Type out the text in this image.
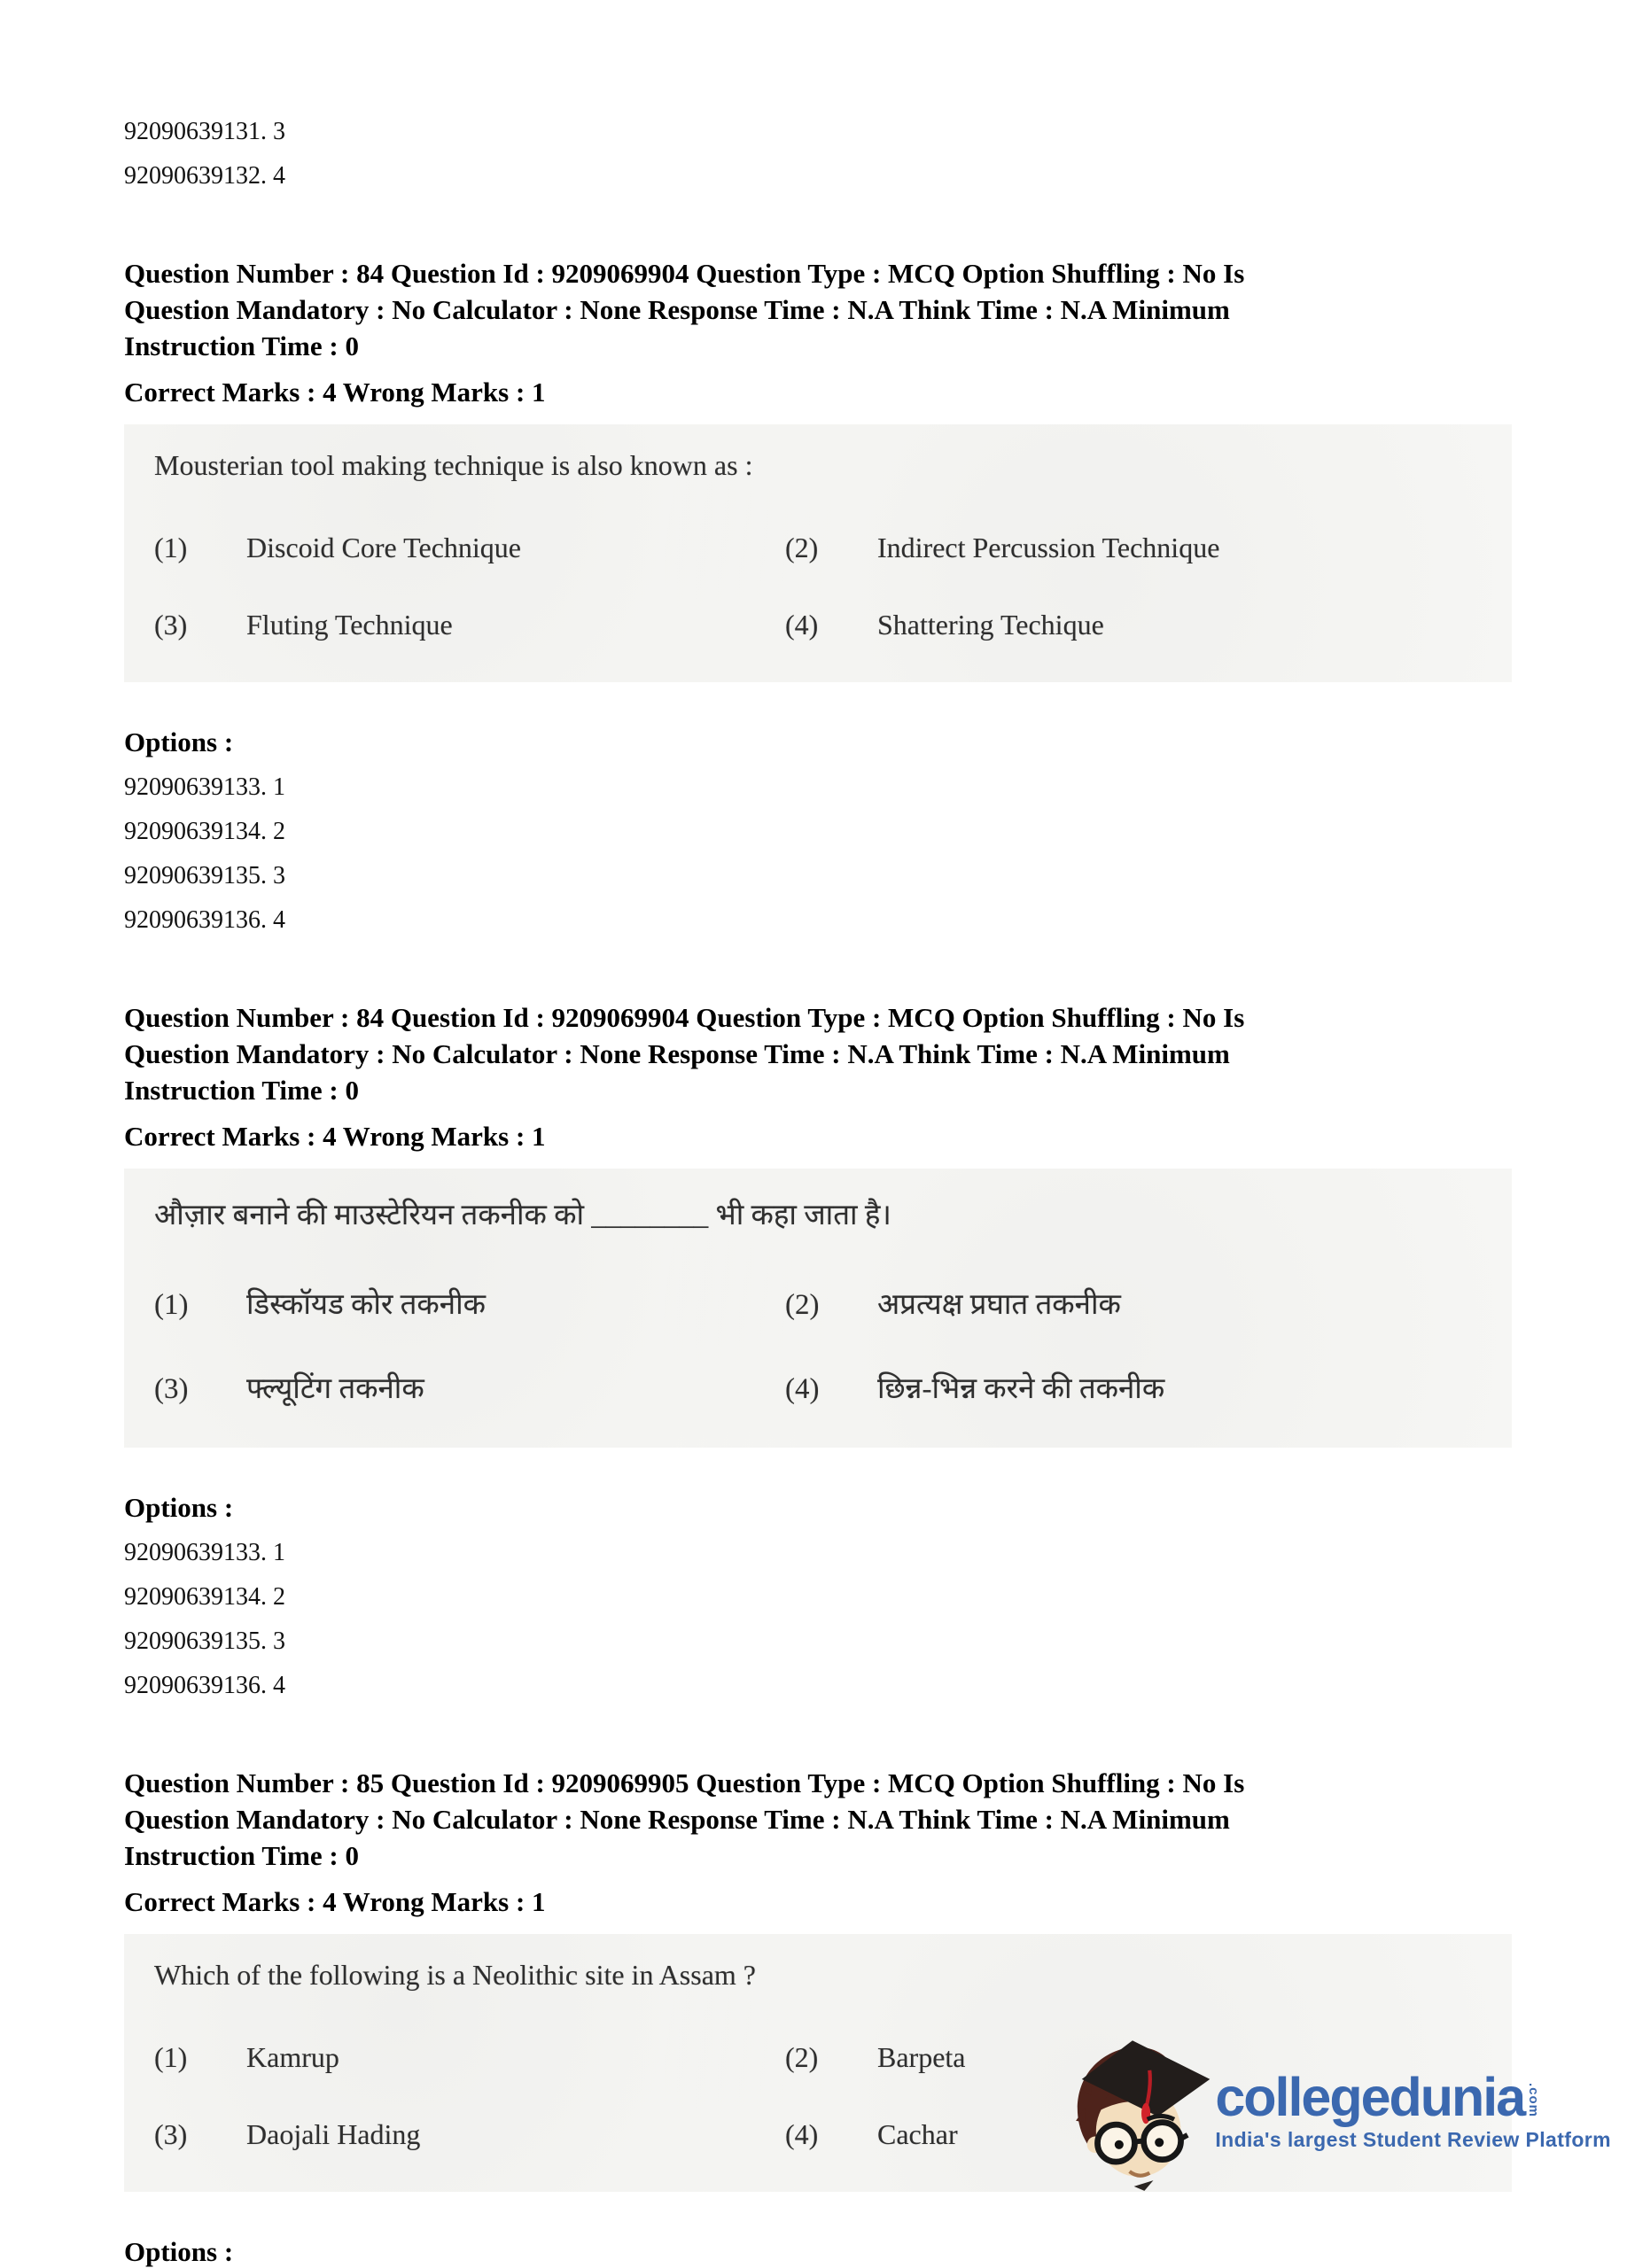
92090639131. 3
92090639132. 4
Question Number : 84 Question Id : 9209069904 Question Type : MCQ Option Shuffling : No Is
Question Mandatory : No Calculator : None Response Time : N.A Think Time : N.A Minimum
Instruction Time : 0
Correct Marks : 4 Wrong Marks : 1
Mousterian tool making technique is also known as :
(1)	Discoid Core Technique	(2)	Indirect Percussion Technique
(3)	Fluting Technique	(4)	Shattering Techique
Options :
92090639133. 1
92090639134. 2
92090639135. 3
92090639136. 4
Question Number : 84 Question Id : 9209069904 Question Type : MCQ Option Shuffling : No Is
Question Mandatory : No Calculator : None Response Time : N.A Think Time : N.A Minimum
Instruction Time : 0
Correct Marks : 4 Wrong Marks : 1
औज़ार बनाने की माउस्टेरियन तकनीक को ________ भी कहा जाता है।
(1)	डिस्कॉयड कोर तकनीक	(2)	अप्रत्यक्ष प्रघात तकनीक
(3)	फ्ल्यूटिंग तकनीक	(4)	छिन्न-भिन्न करने की तकनीक
Options :
92090639133. 1
92090639134. 2
92090639135. 3
92090639136. 4
Question Number : 85 Question Id : 9209069905 Question Type : MCQ Option Shuffling : No Is
Question Mandatory : No Calculator : None Response Time : N.A Think Time : N.A Minimum
Instruction Time : 0
Correct Marks : 4 Wrong Marks : 1
Which of the following is a Neolithic site in Assam ?
(1)	Kamrup	(2)	Barpeta
(3)	Daojali Hading	(4)	Cachar
Options :
collegedunia .com
India's largest Student Review Platform
